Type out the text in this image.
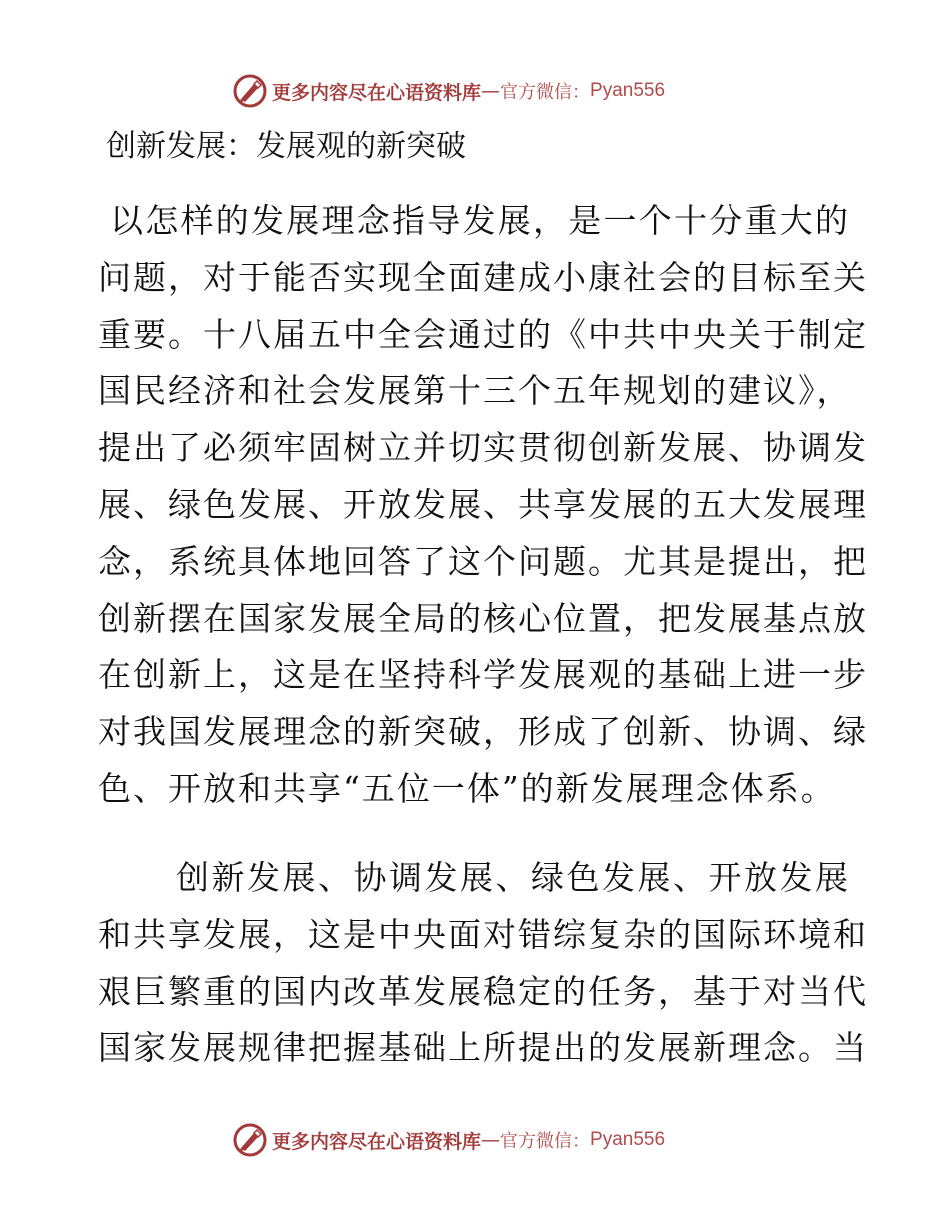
更多内容尽在心语资料库 — 官方微信： Pyan556
创新发展：发展观的新突破
以怎样的发展理念指导发展，是一个十分重大的
问题，对于能否实现全面建成小康社会的目标至关
重要。十八届五中全会通过的《中共中央关于制定
国民经济和社会发展第十三个五年规划的建议》，
提出了必须牢固树立并切实贯彻创新发展、协调发
展、绿色发展、开放发展、共享发展的五大发展理
念，系统具体地回答了这个问题。尤其是提出，把
创新摆在国家发展全局的核心位置，把发展基点放
在创新上，这是在坚持科学发展观的基础上进一步
对我国发展理念的新突破，形成了创新、协调、绿
色、开放和共享“五位一体”的新发展理念体系。
创新发展、协调发展、绿色发展、开放发展
和共享发展，这是中央面对错综复杂的国际环境和
艰巨繁重的国内改革发展稳定的任务，基于对当代
国家发展规律把握基础上所提出的发展新理念。当
更多内容尽在心语资料库 — 官方微信： Pyan556
